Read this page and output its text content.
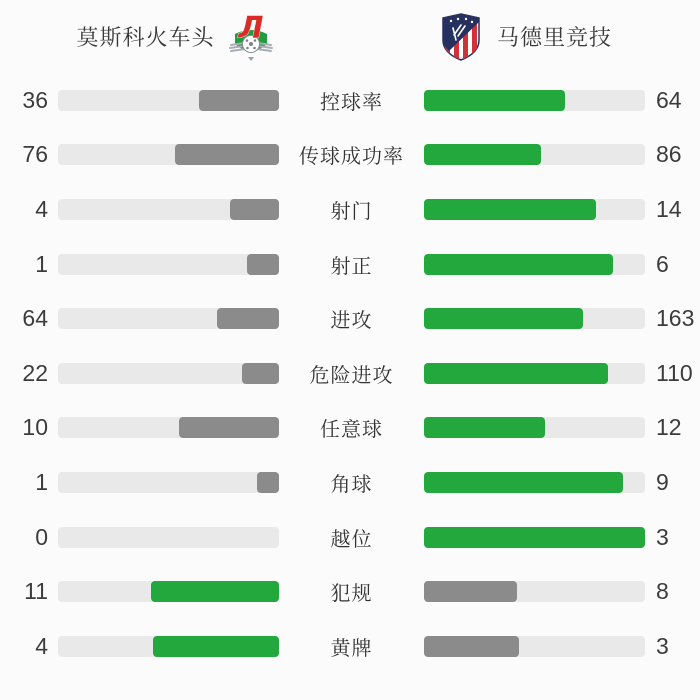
莫斯科火车头 Л	马德里竞技
36	控球率	64
76	传球成功率	86
4	射门	14
1	射正	6
64	进攻	163
22	危险进攻	110
10	任意球	12
1	角球	9
0	越位	3
11	犯规	8
4	黄牌	3
